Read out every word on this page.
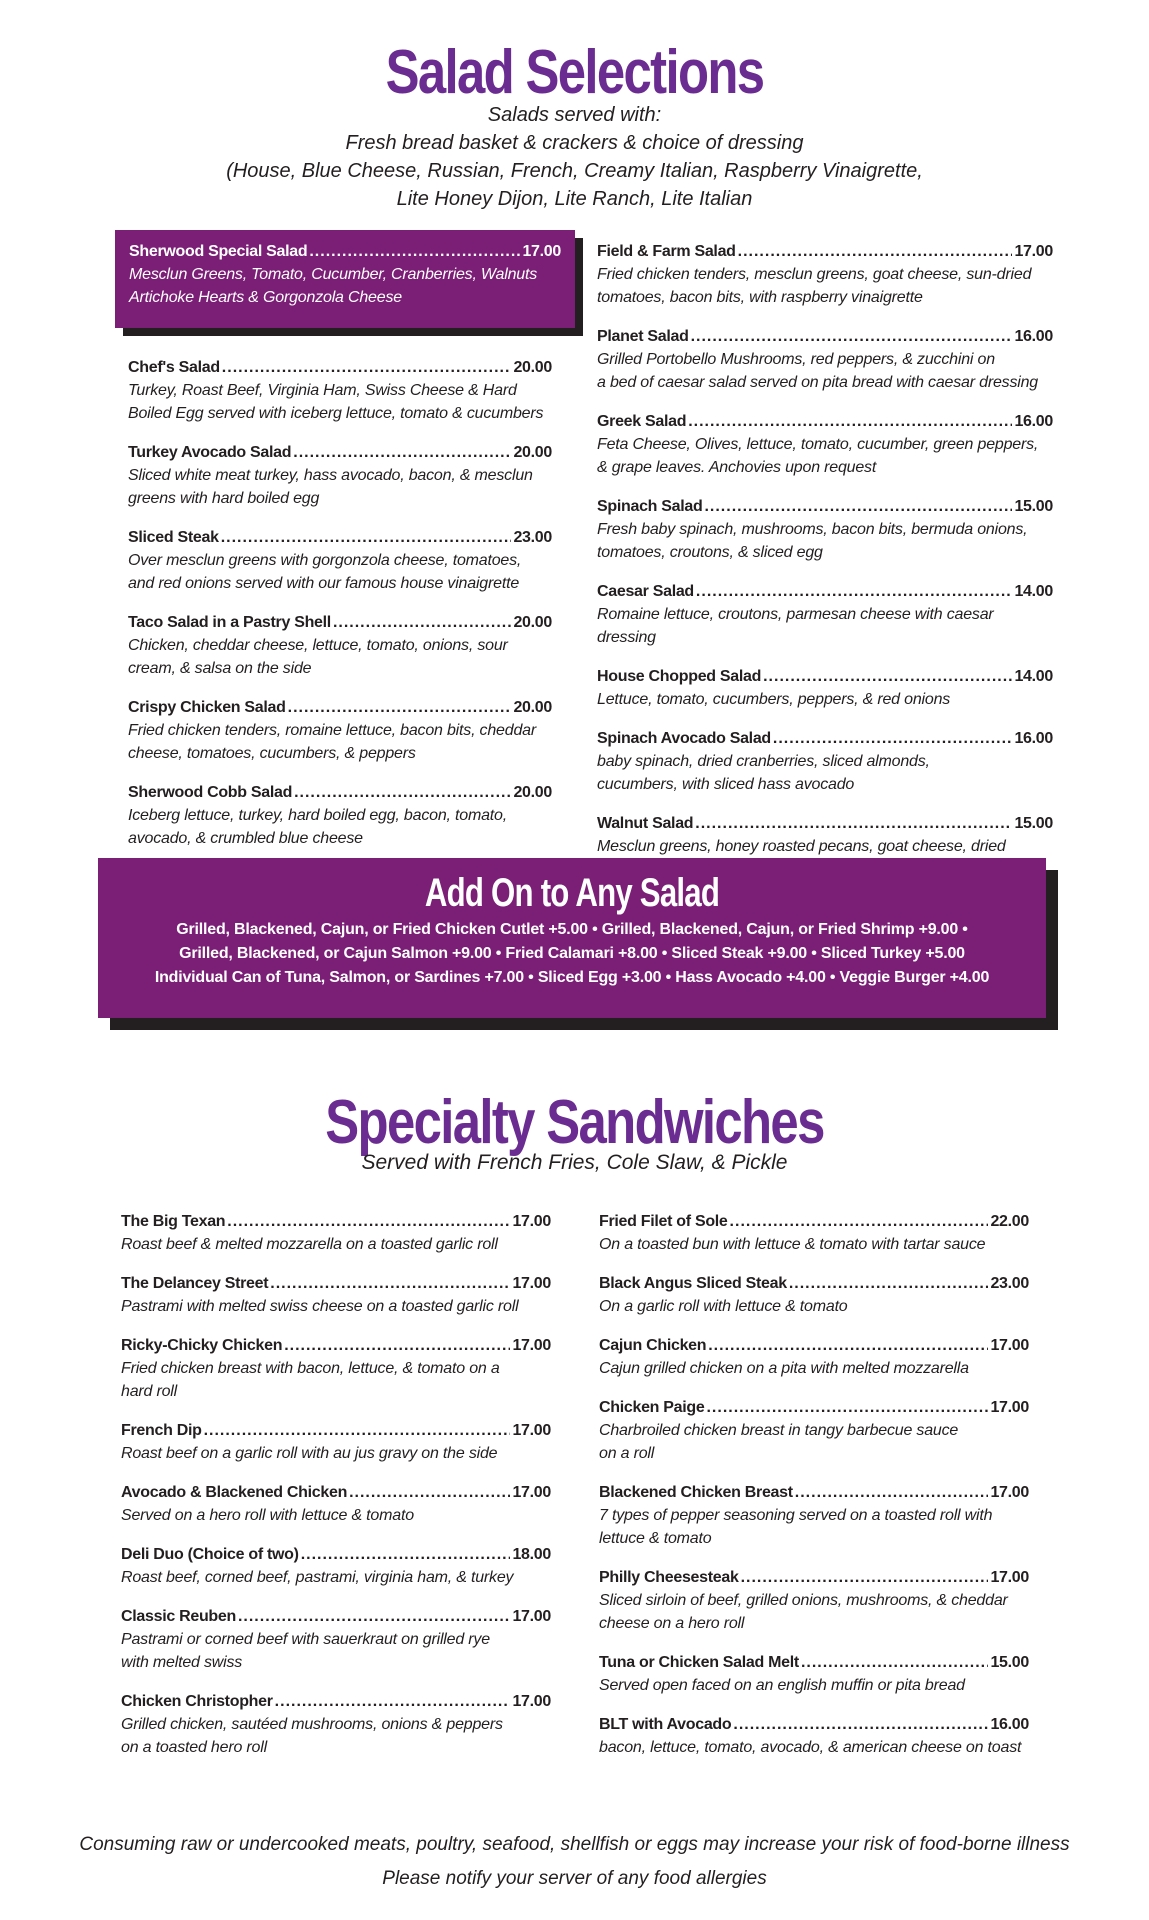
Salad Selections
Salads served with:
Fresh bread basket & crackers & choice of dressing
(House, Blue Cheese, Russian, French, Creamy Italian, Raspberry Vinaigrette,
Lite Honey Dijon, Lite Ranch, Lite Italian
Sherwood Special Salad .....	17.00
Mesclun Greens, Tomato, Cucumber, Cranberries, Walnuts
Artichoke Hearts & Gorgonzola Cheese
Chef's Salad .....	20.00
Turkey, Roast Beef, Virginia Ham, Swiss Cheese & Hard
Boiled Egg served with iceberg lettuce, tomato & cucumbers
Turkey Avocado Salad .....	20.00
Sliced white meat turkey, hass avocado, bacon, & mesclun
greens with hard boiled egg
Sliced Steak .....	23.00
Over mesclun greens with gorgonzola cheese, tomatoes,
and red onions served with our famous house vinaigrette
Taco Salad in a Pastry Shell .....	20.00
Chicken, cheddar cheese, lettuce, tomato, onions, sour
cream, & salsa on the side
Crispy Chicken Salad .....	20.00
Fried chicken tenders, romaine lettuce, bacon bits, cheddar
cheese, tomatoes, cucumbers, & peppers
Sherwood Cobb Salad .....	20.00
Iceberg lettuce, turkey, hard boiled egg, bacon, tomato,
avocado, & crumbled blue cheese
Field & Farm Salad .....	17.00
Fried chicken tenders, mesclun greens, goat cheese, sun-dried
tomatoes, bacon bits, with raspberry vinaigrette
Planet Salad .....	16.00
Grilled Portobello Mushrooms, red peppers, & zucchini on
a bed of caesar salad served on pita bread with caesar dressing
Greek Salad .....	16.00
Feta Cheese, Olives, lettuce, tomato, cucumber, green peppers,
& grape leaves. Anchovies upon request
Spinach Salad .....	15.00
Fresh baby spinach, mushrooms, bacon bits, bermuda onions,
tomatoes, croutons, & sliced egg
Caesar Salad .....	14.00
Romaine lettuce, croutons, parmesan cheese with caesar dressing
House Chopped Salad .....	14.00
Lettuce, tomato, cucumbers, peppers, & red onions
Spinach Avocado Salad .....	16.00
baby spinach, dried cranberries, sliced almonds,
cucumbers, with sliced hass avocado
Walnut Salad .....	15.00
Mesclun greens, honey roasted pecans, goat cheese, dried
Add On to Any Salad
Grilled, Blackened, Cajun, or Fried Chicken Cutlet +5.00 • Grilled, Blackened, Cajun, or Fried Shrimp +9.00 •
Grilled, Blackened, or Cajun Salmon +9.00 • Fried Calamari +8.00 • Sliced Steak +9.00 • Sliced Turkey +5.00
Individual Can of Tuna, Salmon, or Sardines +7.00 • Sliced Egg +3.00 • Hass Avocado +4.00 • Veggie Burger +4.00
Specialty Sandwiches
Served with French Fries, Cole Slaw, & Pickle
The Big Texan .....	17.00
Roast beef & melted mozzarella on a toasted garlic roll
The Delancey Street .....	17.00
Pastrami with melted swiss cheese on a toasted garlic roll
Ricky-Chicky Chicken .....	17.00
Fried chicken breast with bacon, lettuce, & tomato on a
hard roll
French Dip .....	17.00
Roast beef on a garlic roll with au jus gravy on the side
Avocado & Blackened Chicken .....	17.00
Served on a hero roll with lettuce & tomato
Deli Duo (Choice of two) .....	18.00
Roast beef, corned beef, pastrami, virginia ham, & turkey
Classic Reuben .....	17.00
Pastrami or corned beef with sauerkraut on grilled rye
with melted swiss
Chicken Christopher .....	17.00
Grilled chicken, sautéed mushrooms, onions & peppers
on a toasted hero roll
Fried Filet of Sole .....	22.00
On a toasted bun with lettuce & tomato with tartar sauce
Black Angus Sliced Steak .....	23.00
On a garlic roll with lettuce & tomato
Cajun Chicken .....	17.00
Cajun grilled chicken on a pita with melted mozzarella
Chicken Paige .....	17.00
Charbroiled chicken breast in tangy barbecue sauce
on a roll
Blackened Chicken Breast .....	17.00
7 types of pepper seasoning served on a toasted roll with
lettuce & tomato
Philly Cheesesteak .....	17.00
Sliced sirloin of beef, grilled onions, mushrooms, & cheddar
cheese on a hero roll
Tuna or Chicken Salad Melt .....	15.00
Served open faced on an english muffin or pita bread
BLT with Avocado .....	16.00
bacon, lettuce, tomato, avocado, & american cheese on toast
Consuming raw or undercooked meats, poultry, seafood, shellfish or eggs may increase your risk of food-borne illness
Please notify your server of any food allergies
